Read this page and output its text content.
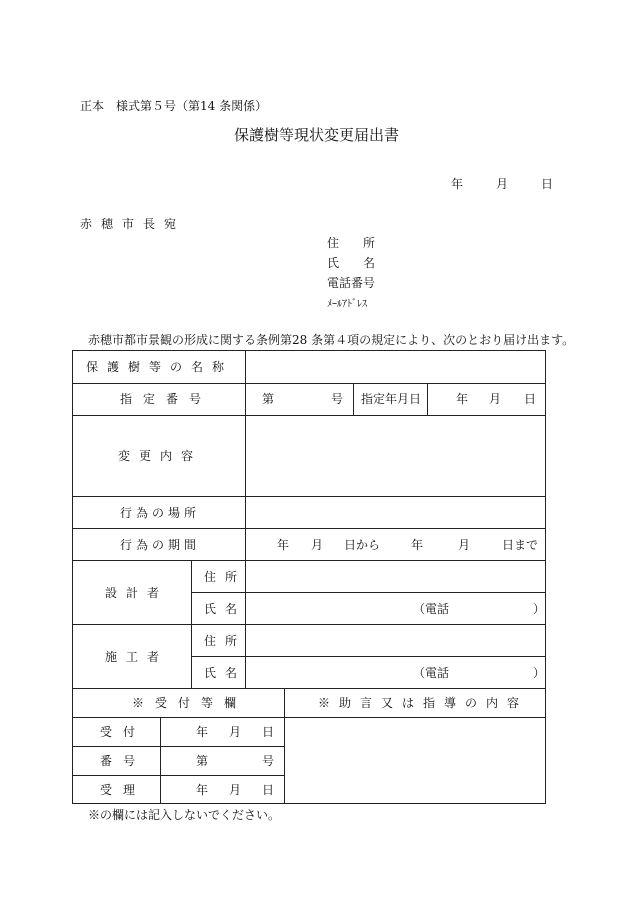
正本　様式第５号（第14 条関係）
保護樹等現状変更届出書
年	月	日
赤穂市長宛
住　　所
氏　　名
電話番号
ﾒｰﾙｱﾄﾞﾚｽ
赤穂市都市景観の形成に関する条例第28 条第４項の規定により、次のとおり届け出ます。
保護樹等の名称
指定番号	第	号 指定年月日	年 月 日
変更内容
行為の場所
行為の期間	年 月 日から	年	月	日まで
設計者
住所
氏名	（電話	）
施工者
住所
氏名	（電話	）
※受付等欄	※助言又は指導の内容
受付	年 月 日
番号	第	号
受理	年 月 日
※の欄には記入しないでください。
